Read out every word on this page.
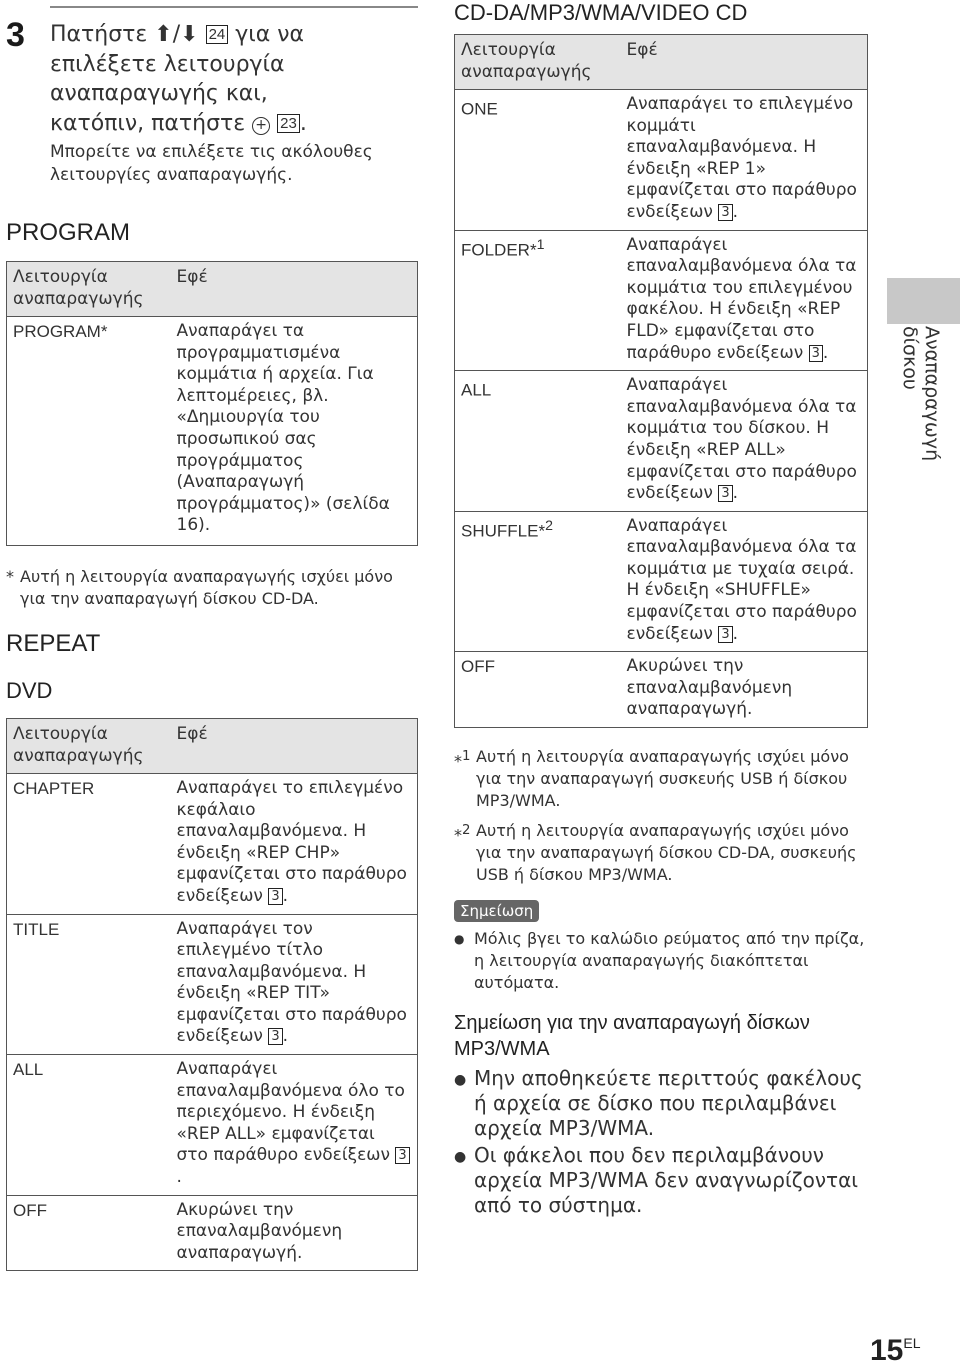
3 Πατήστε ⬆/⬇ 24 για να
επιλέξετε λειτουργία
αναπαραγωγής και,
κατόπιν, πατήστε + 23 .
Μπορείτε να επιλέξετε τις ακόλουθες λειτουργίες αναπαραγωγής.
PROGRAM
Λειτουργία αναπαραγωγής	Εφέ
PROGRAM*	Αναπαράγει τα προγραμματισμένα κομμάτια ή αρχεία. Για λεπτομέρειες, βλ. «Δημιουργία του προσωπικού σας προγράμματος (Αναπαραγωγή προγράμματος)» (σελίδα 16).
* Αυτή η λειτουργία αναπαραγωγής ισχύει μόνο για την αναπαραγωγή δίσκου CD-DA.
REPEAT
DVD
Λειτουργία αναπαραγωγής	Εφέ
CHAPTER	Αναπαράγει το επιλεγμένο κεφάλαιο επαναλαμβανόμενα. Η ένδειξη «REP CHP» εμφανίζεται στο παράθυρο ενδείξεων 3 .
TITLE	Αναπαράγει τον επιλεγμένο τίτλο επαναλαμβανόμενα. Η ένδειξη «REP TIT» εμφανίζεται στο παράθυρο ενδείξεων 3 .
ALL	Αναπαράγει επαναλαμβανόμενα όλο το περιεχόμενο. Η ένδειξη «REP ALL» εμφανίζεται στο παράθυρο ενδείξεων 3.
OFF	Ακυρώνει την επαναλαμβανόμενη αναπαραγωγή.
CD-DA/MP3/WMA/VIDEO CD
Λειτουργία αναπαραγωγής	Εφέ
ONE	Αναπαράγει το επιλεγμένο κομμάτι επαναλαμβανόμενα. Η ένδειξη «REP 1» εμφανίζεται στο παράθυρο ενδείξεων 3 .
FOLDER*$^1$	Αναπαράγει επαναλαμβανόμενα όλα τα κομμάτια του επιλεγμένου φακέλου. Η ένδειξη «REP FLD» εμφανίζεται στο παράθυρο ενδείξεων 3 .
ALL	Αναπαράγει επαναλαμβανόμενα όλα τα κομμάτια του δίσκου. Η ένδειξη «REP ALL» εμφανίζεται στο παράθυρο ενδείξεων 3 .
SHUFFLE*$^2$	Αναπαράγει επαναλαμβανόμενα όλα τα κομμάτια με τυχαία σειρά. Η ένδειξη «SHUFFLE» εμφανίζεται στο παράθυρο ενδείξεων 3 .
OFF	Ακυρώνει την επαναλαμβανόμενη αναπαραγωγή.
*$^1$ Αυτή η λειτουργία αναπαραγωγής ισχύει μόνο για την αναπαραγωγή συσκευής USB ή δίσκου MP3/WMA.
*$^2$ Αυτή η λειτουργία αναπαραγωγής ισχύει μόνο για την αναπαραγωγή δίσκου CD-DA, συσκευής USB ή δίσκου MP3/WMA.
Σημείωση
● Μόλις βγει το καλώδιο ρεύματος από την πρίζα, η λειτουργία αναπαραγωγής διακόπτεται αυτόματα.
Σημείωση για την αναπαραγωγή δίσκων MP3/WMA
● Μην αποθηκεύετε περιττούς φακέλους ή αρχεία σε δίσκο που περιλαμβάνει αρχεία MP3/WMA.
● Οι φάκελοι που δεν περιλαμβάνουν αρχεία MP3/WMA δεν αναγνωρίζονται από το σύστημα.
Αναπαραγωγή δίσκου
$15^{EL}$
